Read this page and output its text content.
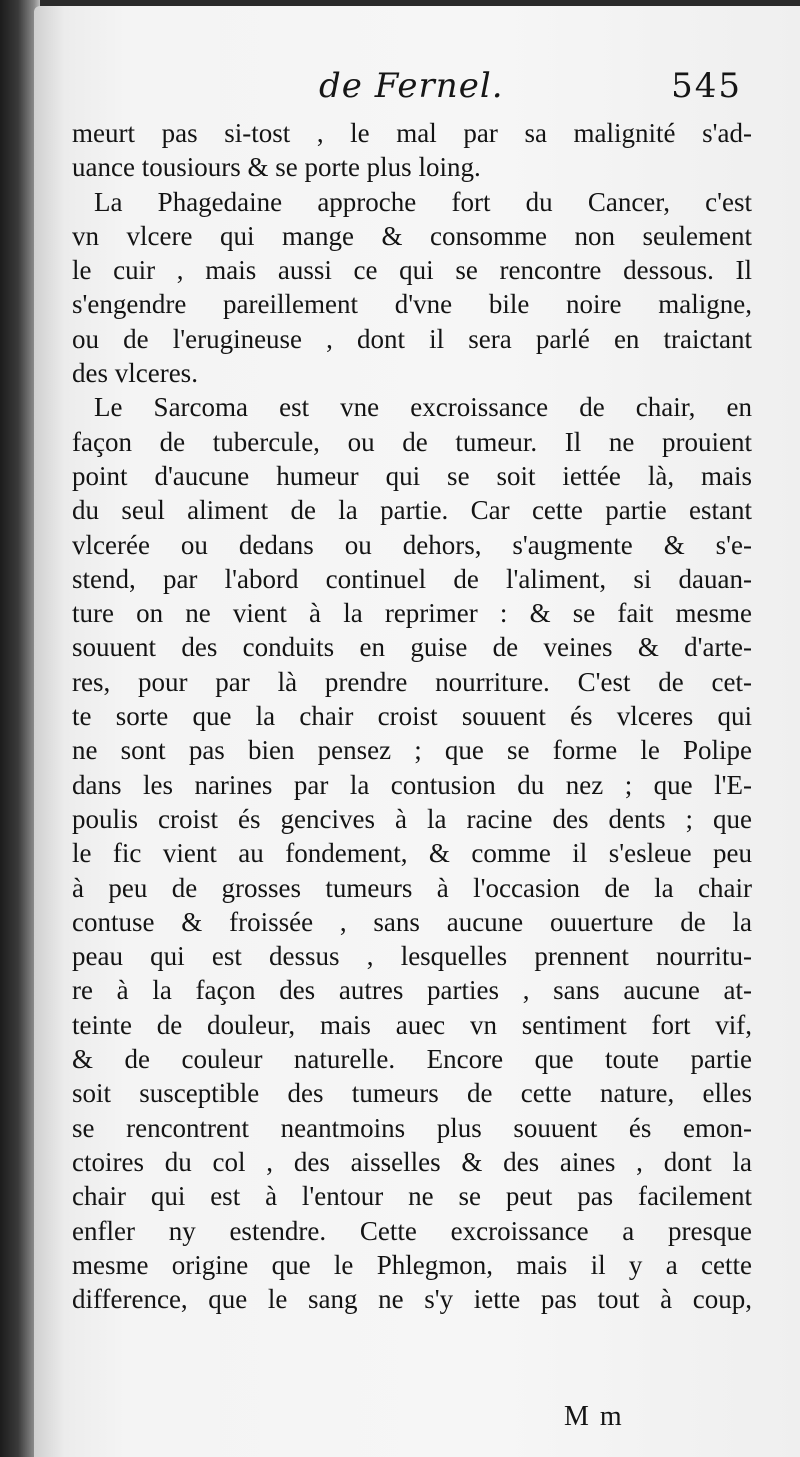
de Fernel.	545
meurt pas si-tost , le mal par sa malignité s'ad-
uance tousiours & se porte plus loing.
La Phagedaine approche fort du Cancer, c'est
vn vlcere qui mange & consomme non seulement
le cuir , mais aussi ce qui se rencontre dessous. Il
s'engendre pareillement d'vne bile noire maligne,
ou de l'erugineuse , dont il sera parlé en traictant
des vlceres.
Le Sarcoma est vne excroissance de chair, en
façon de tubercule, ou de tumeur. Il ne prouient
point d'aucune humeur qui se soit iettée là, mais
du seul aliment de la partie. Car cette partie estant
vlcerée ou dedans ou dehors, s'augmente & s'e-
stend, par l'abord continuel de l'aliment, si dauan-
ture on ne vient à la reprimer : & se fait mesme
souuent des conduits en guise de veines & d'arte-
res, pour par là prendre nourriture. C'est de cet-
te sorte que la chair croist souuent és vlceres qui
ne sont pas bien pensez ; que se forme le Polipe
dans les narines par la contusion du nez ; que l'E-
poulis croist és gencives à la racine des dents ; que
le fic vient au fondement, & comme il s'esleue peu
à peu de grosses tumeurs à l'occasion de la chair
contuse & froissée , sans aucune ouuerture de la
peau qui est dessus , lesquelles prennent nourritu-
re à la façon des autres parties , sans aucune at-
teinte de douleur, mais auec vn sentiment fort vif,
& de couleur naturelle. Encore que toute partie
soit susceptible des tumeurs de cette nature, elles
se rencontrent neantmoins plus souuent és emon-
ctoires du col , des aisselles & des aines , dont la
chair qui est à l'entour ne se peut pas facilement
enfler ny estendre. Cette excroissance a presque
mesme origine que le Phlegmon, mais il y a cette
difference, que le sang ne s'y iette pas tout à coup,
M m
